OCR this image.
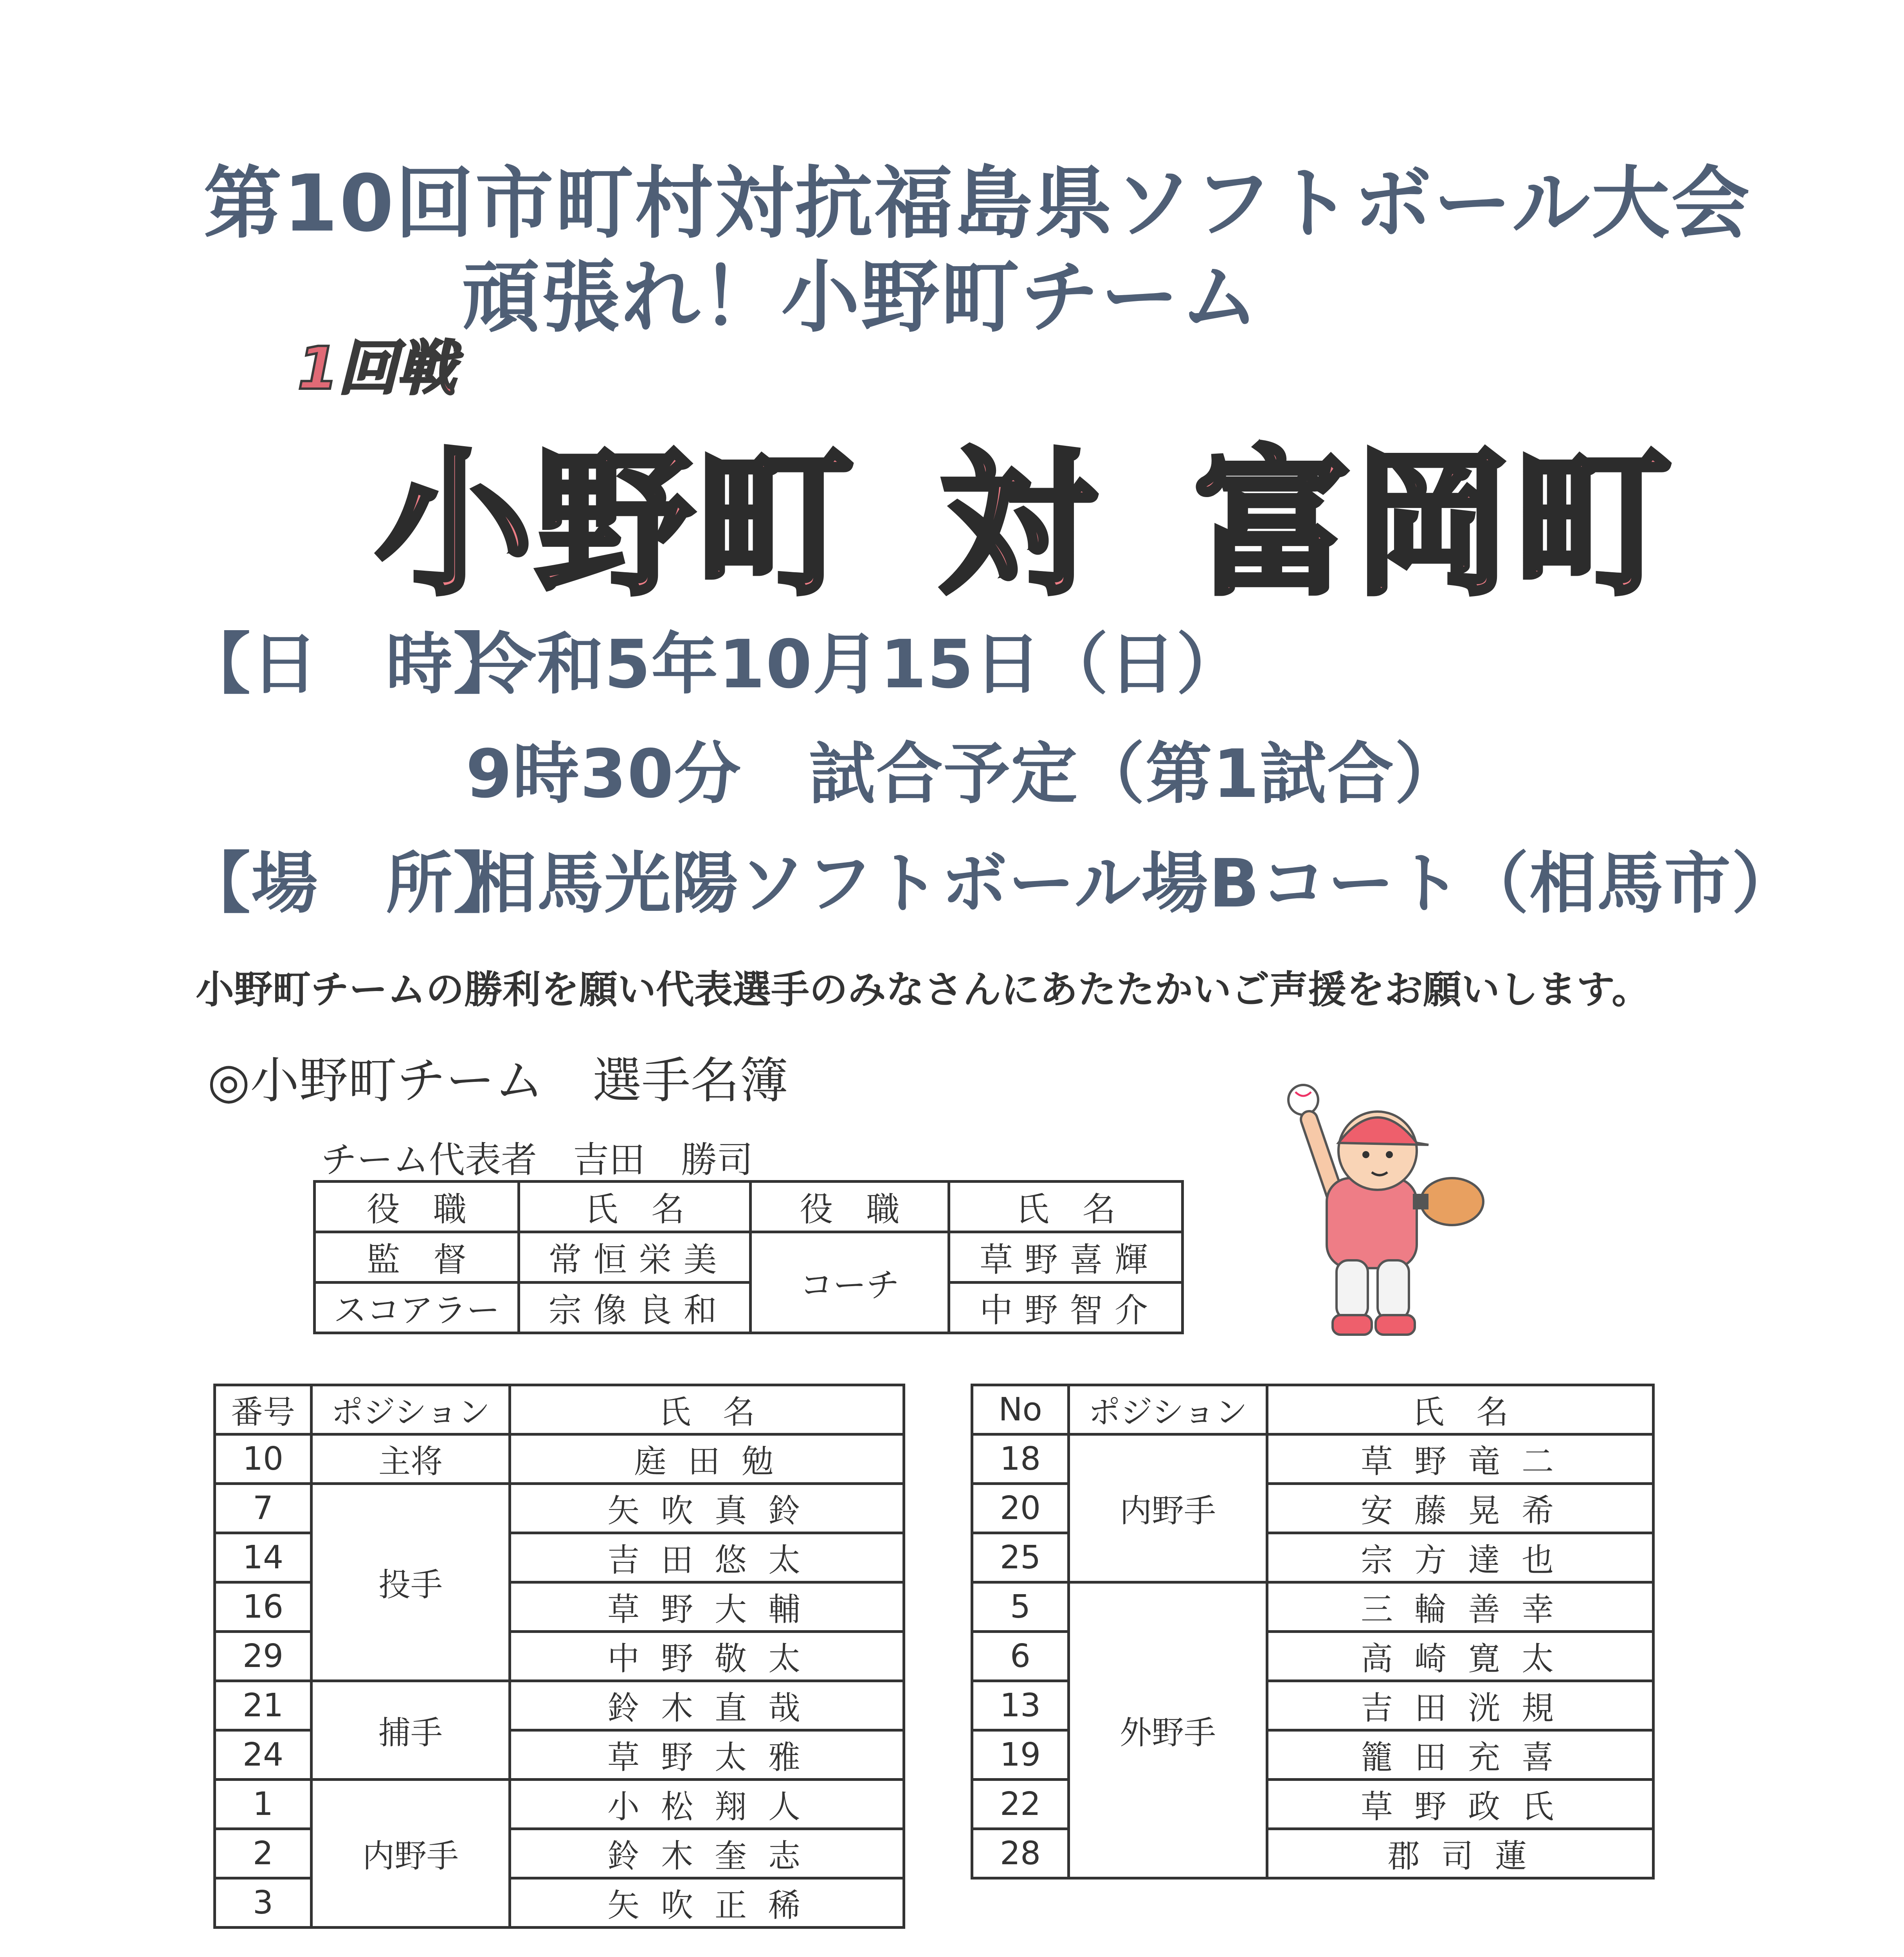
第10回市町村対抗福島県ソフトボール大会
頑張れ！小野町チーム
1回戦
小野町 対 富岡町
【日　時】
令和5年10月15日（日）
9時30分　試合予定（第1試合）
【場　所】
相馬光陽ソフトボール場Bコート（相馬市）
小野町チームの勝利を願い代表選手のみなさんにあたたかいご声援をお願いします。
◎小野町チーム　選手名簿
チーム代表者　吉田　勝司
役　職	氏　名	役　職	氏　名
監　督	常恒栄美	コーチ	草野喜輝
スコアラー	宗像良和		中野智介
番号	ポジション	氏　名
10	主将	庭田勉
7	投手	矢吹真鈴
14		吉田悠太
16		草野大輔
29		中野敬太
21	捕手	鈴木直哉
24		草野太雅
1	内野手	小松翔人
2		鈴木奎志
3		矢吹正稀
No	ポジション	氏　名
18	内野手	草野竜二
20		安藤晃希
25		宗方達也
5	外野手	三輪善幸
6		高崎寛太
13		吉田洸規
19		籠田充喜
22		草野政氏
28		郡司蓮
